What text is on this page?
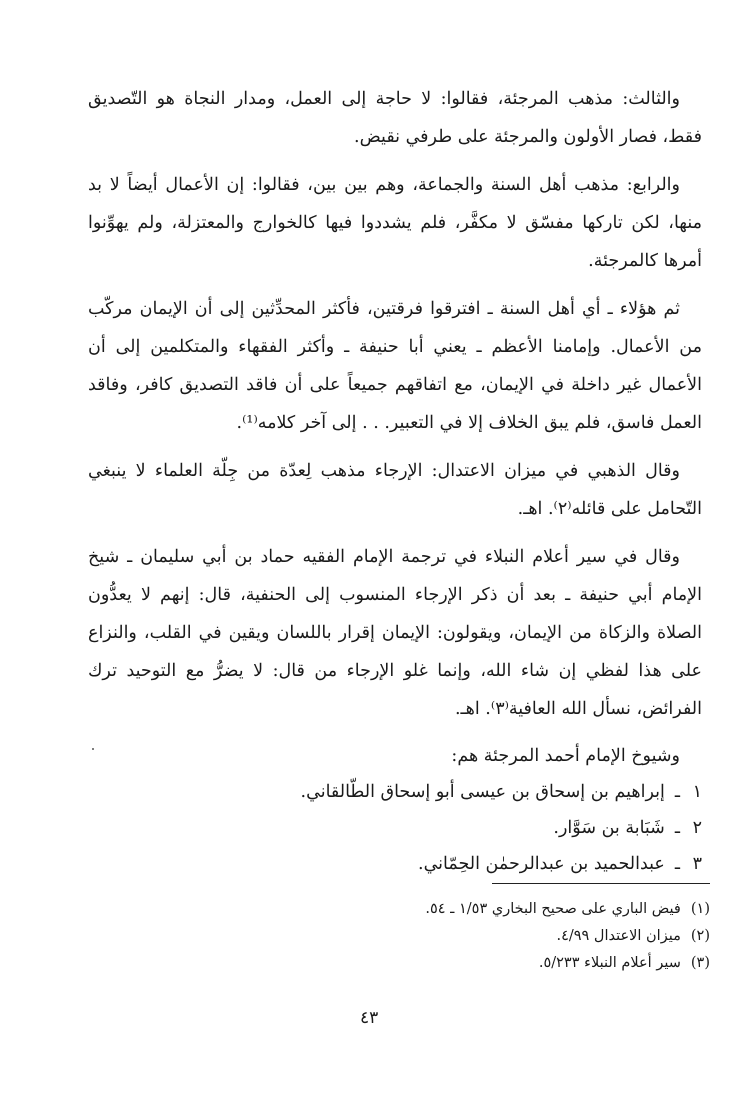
والثالث: مذهب المرجئة، فقالوا: لا حاجة إلى العمل، ومدار النجاة هو التّصديق فقط، فصار الأولون والمرجئة على طرفي نقيض.

والرابع: مذهب أهل السنة والجماعة، وهم بين بين، فقالوا: إن الأعمال أيضاً لا بد منها، لكن تاركها مفسّق لا مكفَّر، فلم يشددوا فيها كالخوارج والمعتزلة، ولم يهوِّنوا أمرها كالمرجئة.

ثم هؤلاء ـ أي أهل السنة ـ افترقوا فرقتين، فأكثر المحدِّثين إلى أن الإيمان مركّب من الأعمال. وإمامنا الأعظم ـ يعني أبا حنيفة ـ وأكثر الفقهاء والمتكلمين إلى أن الأعمال غير داخلة في الإيمان، مع اتفاقهم جميعاً على أن فاقد التصديق كافر، وفاقد العمل فاسق، فلم يبق الخلاف إلا في التعبير. . . إلى آخر كلامه⁽¹⁾.

وقال الذهبي في ميزان الاعتدال: الإرجاء مذهب لِعدّة من جِلّة العلماء لا ينبغي التّحامل على قائله⁽٢⁾. اهـ.

وقال في سير أعلام النبلاء في ترجمة الإمام الفقيه حماد بن أبي سليمان ـ شيخ الإمام أبي حنيفة ـ بعد أن ذكر الإرجاء المنسوب إلى الحنفية، قال: إنهم لا يعدُّون الصلاة والزكاة من الإيمان، ويقولون: الإيمان إقرار باللسان ويقين في القلب، والنزاع على هذا لفظي إن شاء الله، وإنما غلو الإرجاء من قال: لا يضرُّ مع التوحيد ترك الفرائض، نسأل الله العافية⁽٣⁾. اهـ.

وشيوخ الإمام أحمد المرجئة هم:
١
ـ
إبراهيم بن إسحاق بن عيسى أبو إسحاق الطّالقاني.
٢
ـ
شَبَابة بن سَوَّار.
٣
ـ
عبدالحميد بن عبدالرحمٰن الحِمّاني.
(١)فيض الباري على صحيح البخاري ١/٥٣ ـ ٥٤.
(٢)ميزان الاعتدال ٤/٩٩.
(٣)سير أعلام النبلاء ٥/٢٣٣.
٤٣
